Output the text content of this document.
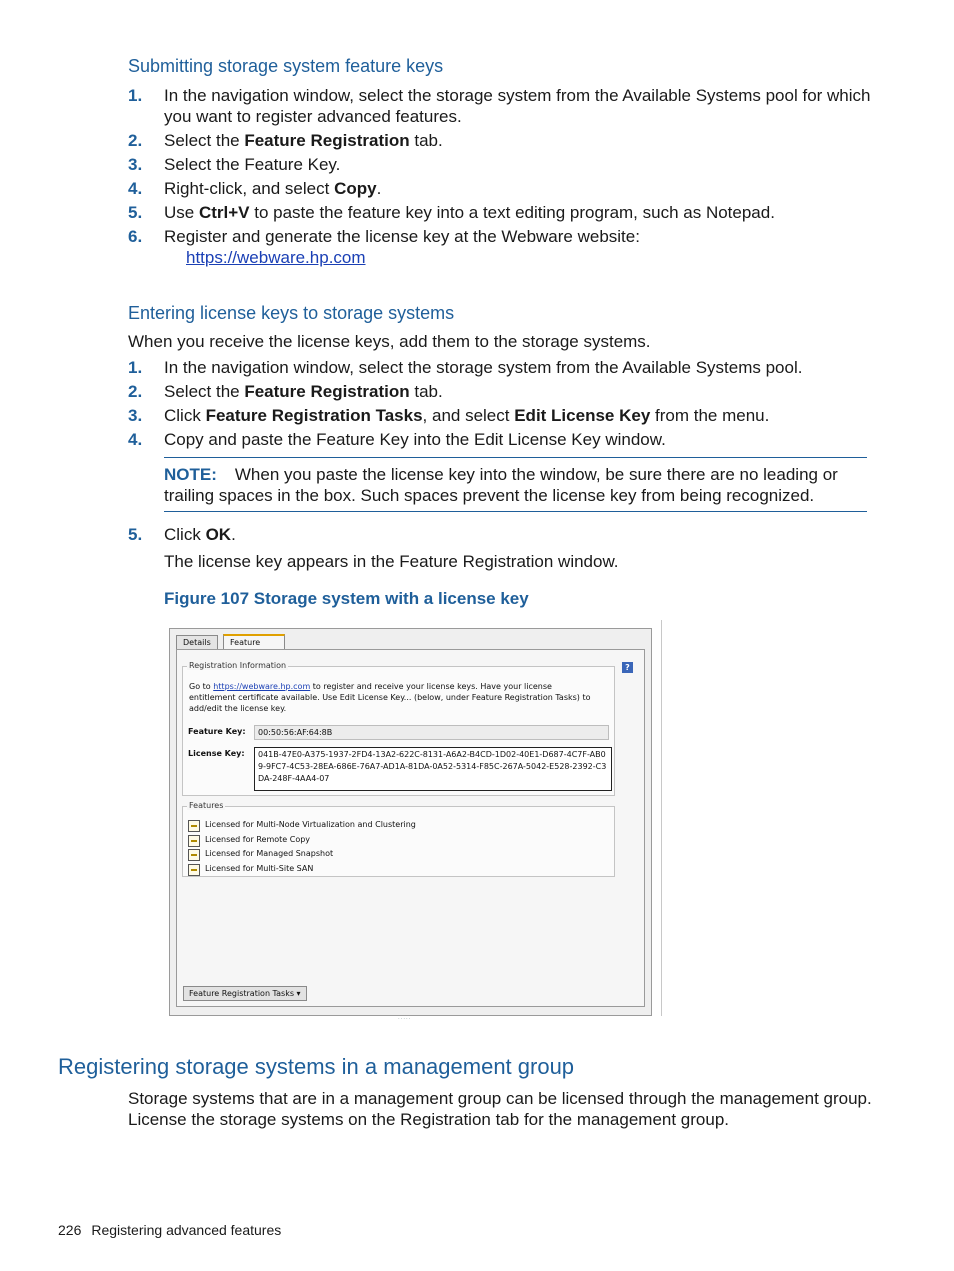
Submitting storage system feature keys
1. In the navigation window, select the storage system from the Available Systems pool for which you want to register advanced features.
2. Select the Feature Registration tab.
3. Select the Feature Key.
4. Right-click, and select Copy.
5. Use Ctrl+V to paste the feature key into a text editing program, such as Notepad.
6. Register and generate the license key at the Webware website:
https://webware.hp.com
Entering license keys to storage systems

When you receive the license keys, add them to the storage systems.

1. In the navigation window, select the storage system from the Available Systems pool.
2. Select the Feature Registration tab.
3. Click Feature Registration Tasks, and select Edit License Key from the menu.
4. Copy and paste the Feature Key into the Edit License Key window.
NOTE: When you paste the license key into the window, be sure there are no leading or trailing spaces in the box. Such spaces prevent the license key from being recognized.
5. Click OK.

The license key appears in the Feature Registration window.

Figure 107 Storage system with a license key

Details	Feature
Registration Information
Go to https://webware.hp.com to register and receive your license keys. Have your license entitlement certificate available. Use Edit License Key... (below, under Feature Registration Tasks) to add/edit the license key.
Feature Key:	00:50:56:AF:64:8B
License Key:	041B-47E0-A375-1937-2FD4-13A2-622C-8131-A6A2-B4CD-1D02-40E1-D687-4C7F-AB09-9FC7-4C53-28EA-686E-76A7-AD1A-81DA-0A52-5314-F85C-267A-5042-E528-2392-C3DA-248F-4AA4-07
?
Features
Licensed for Multi-Node Virtualization and Clustering
Licensed for Remote Copy
Licensed for Managed Snapshot
Licensed for Multi-Site SAN
Feature Registration Tasks ▾
.....
Registering storage systems in a management group

Storage systems that are in a management group can be licensed through the management group. License the storage systems on the Registration tab for the management group.

226 Registering advanced features
